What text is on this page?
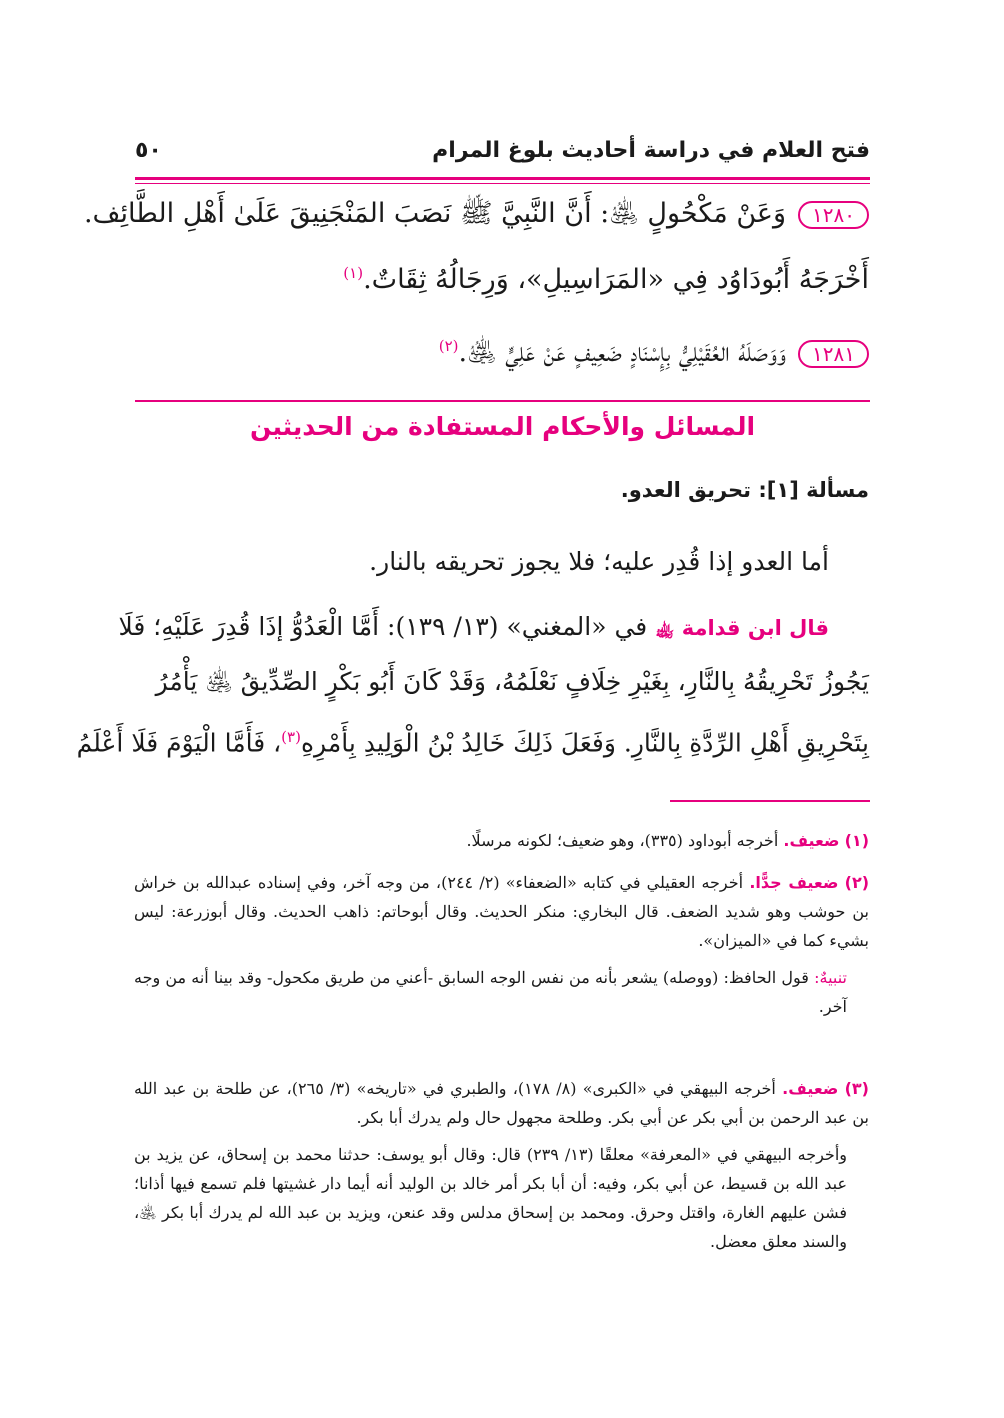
فتح العلام في دراسة أحاديث بلوغ المرام
٥٠
١٢٨٠وَعَنْ مَكْحُولٍ ﵁: أَنَّ النَّبِيَّ ﷺ نَصَبَ المَنْجَنِيقَ عَلَىٰ أَهْلِ الطَّائِف.
أَخْرَجَهُ أَبُودَاوُد فِي «المَرَاسِيلِ»، وَرِجَالُهُ ثِقَاتٌ.$^{(١)}$
١٢٨١وَوَصَلَهُ العُقَيْلِيُّ بِإِسْنَادٍ ضَعِيفٍ عَنْ عَلِيٍّ ﵁.$^{(٢)}$
المسائل والأحكام المستفادة من الحديثين
مسألة [١]: تحريق العدو.
أما العدو إذا قُدِر عليه؛ فلا يجوز تحريقه بالنار.
قال ابن قدامة ﵀ في «المغني» (١٣/ ١٣٩): أَمَّا الْعَدُوُّ إذَا قُدِرَ عَلَيْهِ؛ فَلَا
يَجُوزُ تَحْرِيقُهُ بِالنَّارِ، بِغَيْرِ خِلَافٍ نَعْلَمُهُ، وَقَدْ كَانَ أَبُو بَكْرٍ الصِّدِّيقُ ﵁ يَأْمُرُ
بِتَحْرِيقِ أَهْلِ الرِّدَّةِ بِالنَّارِ. وَفَعَلَ ذَلِكَ خَالِدُ بْنُ الْوَلِيدِ بِأَمْرِهِ$^{(٣)}$، فَأَمَّا الْيَوْمَ فَلَا أَعْلَمُ

(١) ضعيف. أخرجه أبوداود (٣٣٥)، وهو ضعيف؛ لكونه مرسلًا.

(٢) ضعيف جدًّا. أخرجه العقيلي في كتابه «الضعفاء» (٢/ ٢٤٤)، من وجه آخر، وفي إسناده عبدالله بن خراش بن حوشب وهو شديد الضعف. قال البخاري: منكر الحديث. وقال أبوحاتم: ذاهب الحديث. وقال أبوزرعة: ليس بشيء كما في «الميزان».

تنبيهٌ: قول الحافظ: (ووصله) يشعر بأنه من نفس الوجه السابق -أعني من طريق مكحول- وقد بينا أنه من وجه آخر.

(٣) ضعيف. أخرجه البيهقي في «الكبرى» (٨/ ١٧٨)، والطبري في «تاريخه» (٣/ ٢٦٥)، عن طلحة بن عبد الله بن عبد الرحمن بن أبي بكر عن أبي بكر. وطلحة مجهول حال ولم يدرك أبا بكر.

وأخرجه البيهقي في «المعرفة» معلقًا (١٣/ ٢٣٩) قال: وقال أبو يوسف: حدثنا محمد بن إسحاق، عن يزيد بن عبد الله بن قسيط، عن أبي بكر، وفيه: أن أبا بكر أمر خالد بن الوليد أنه أيما دار غشيتها فلم تسمع فيها أذانا؛ فشن عليهم الغارة، واقتل وحرق. ومحمد بن إسحاق مدلس وقد عنعن، ويزيد بن عبد الله لم يدرك أبا بكر ﵁، والسند معلق معضل.
